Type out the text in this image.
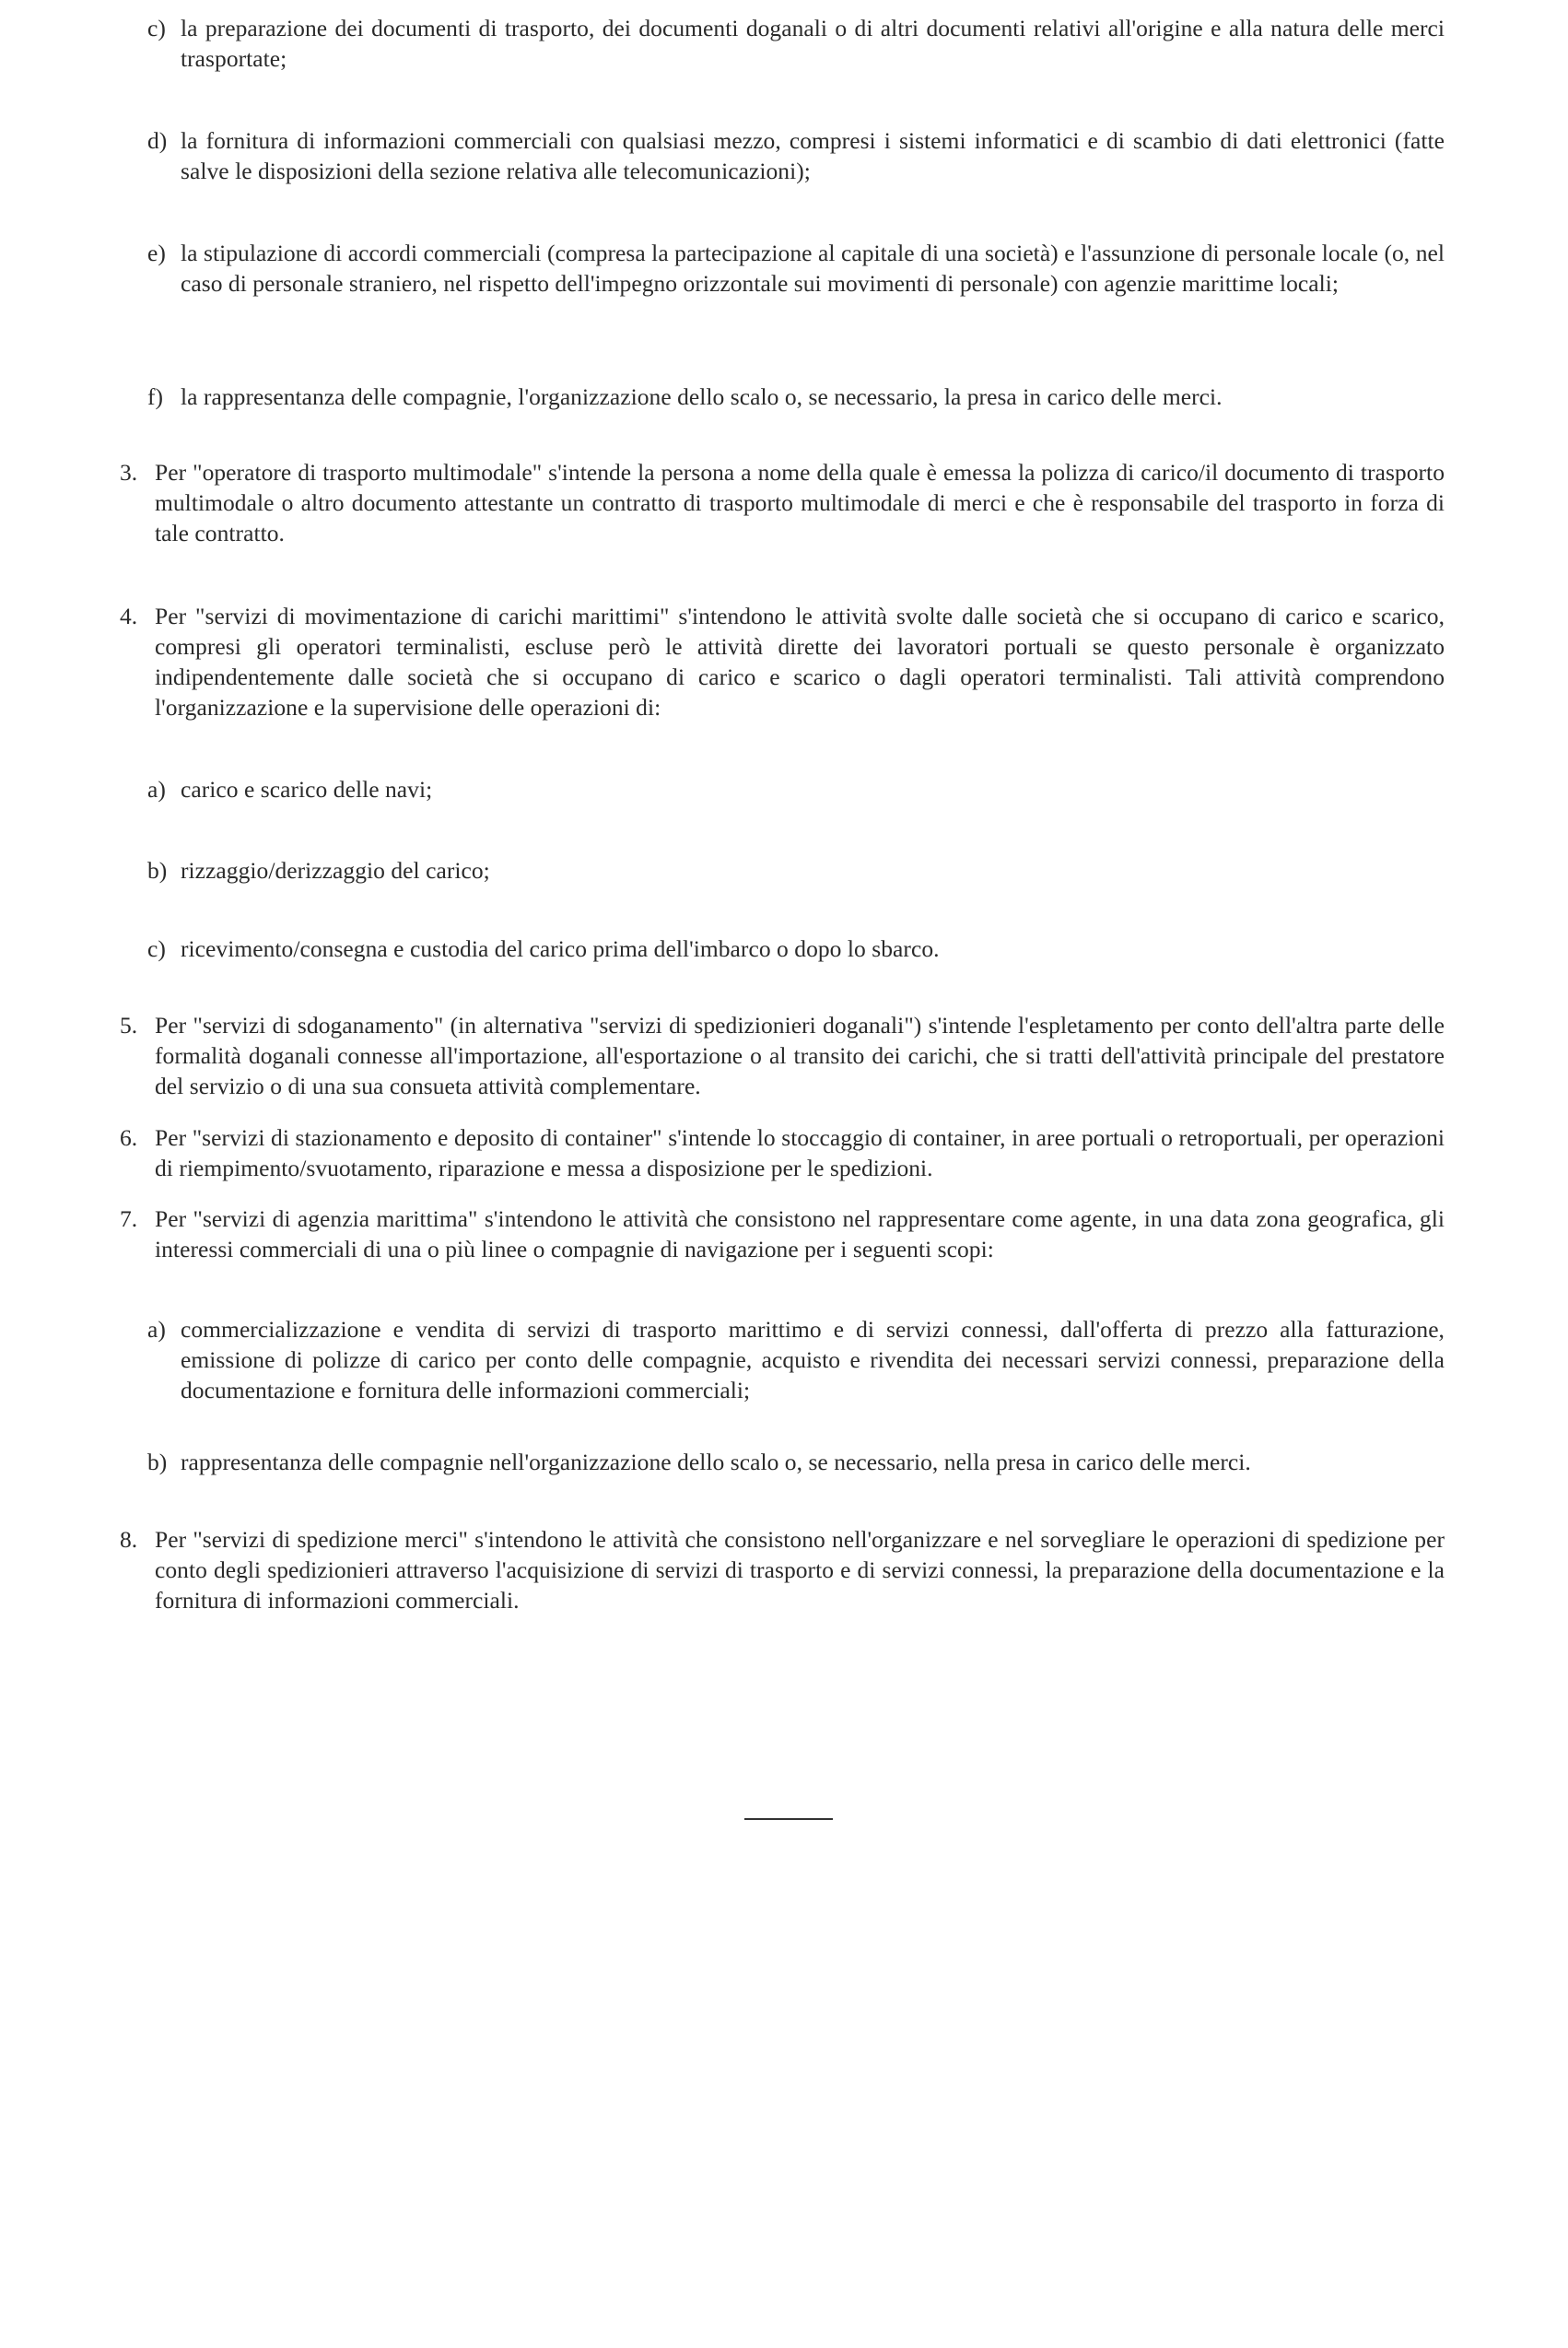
c) la preparazione dei documenti di trasporto, dei documenti doganali o di altri documenti relativi all'origine e alla natura delle merci trasportate;
d) la fornitura di informazioni commerciali con qualsiasi mezzo, compresi i sistemi informatici e di scambio di dati elettronici (fatte salve le disposizioni della sezione relativa alle telecomunicazioni);
e) la stipulazione di accordi commerciali (compresa la partecipazione al capitale di una società) e l'assunzione di personale locale (o, nel caso di personale straniero, nel rispetto dell'impegno orizzontale sui movimenti di personale) con agenzie marittime locali;
f) la rappresentanza delle compagnie, l'organizzazione dello scalo o, se necessario, la presa in carico delle merci.
3. Per "operatore di trasporto multimodale" s'intende la persona a nome della quale è emessa la polizza di carico/il documento di trasporto multimodale o altro documento attestante un contratto di trasporto multimodale di merci e che è responsabile del trasporto in forza di tale contratto.
4. Per "servizi di movimentazione di carichi marittimi" s'intendono le attività svolte dalle società che si occupano di carico e scarico, compresi gli operatori terminalisti, escluse però le attività dirette dei lavoratori portuali se questo personale è organizzato indipendentemente dalle società che si occupano di carico e scarico o dagli operatori terminalisti. Tali attività comprendono l'organizzazione e la supervisione delle operazioni di:
a) carico e scarico delle navi;
b) rizzaggio/derizzaggio del carico;
c) ricevimento/consegna e custodia del carico prima dell'imbarco o dopo lo sbarco.
5. Per "servizi di sdoganamento" (in alternativa "servizi di spedizionieri doganali") s'intende l'espletamento per conto dell'altra parte delle formalità doganali connesse all'importazione, all'esportazione o al transito dei carichi, che si tratti dell'attività principale del prestatore del servizio o di una sua consueta attività complementare.
6. Per "servizi di stazionamento e deposito di container" s'intende lo stoccaggio di container, in aree portuali o retroportuali, per operazioni di riempimento/svuotamento, riparazione e messa a disposizione per le spedizioni.
7. Per "servizi di agenzia marittima" s'intendono le attività che consistono nel rappresentare come agente, in una data zona geografica, gli interessi commerciali di una o più linee o compagnie di navigazione per i seguenti scopi:
a) commercializzazione e vendita di servizi di trasporto marittimo e di servizi connessi, dall'offerta di prezzo alla fatturazione, emissione di polizze di carico per conto delle compagnie, acquisto e rivendita dei necessari servizi connessi, preparazione della documentazione e fornitura delle informazioni commerciali;
b) rappresentanza delle compagnie nell'organizzazione dello scalo o, se necessario, nella presa in carico delle merci.
8. Per "servizi di spedizione merci" s'intendono le attività che consistono nell'organizzare e nel sorvegliare le operazioni di spedizione per conto degli spedizionieri attraverso l'acquisizione di servizi di trasporto e di servizi connessi, la preparazione della documentazione e la fornitura di informazioni commerciali.
